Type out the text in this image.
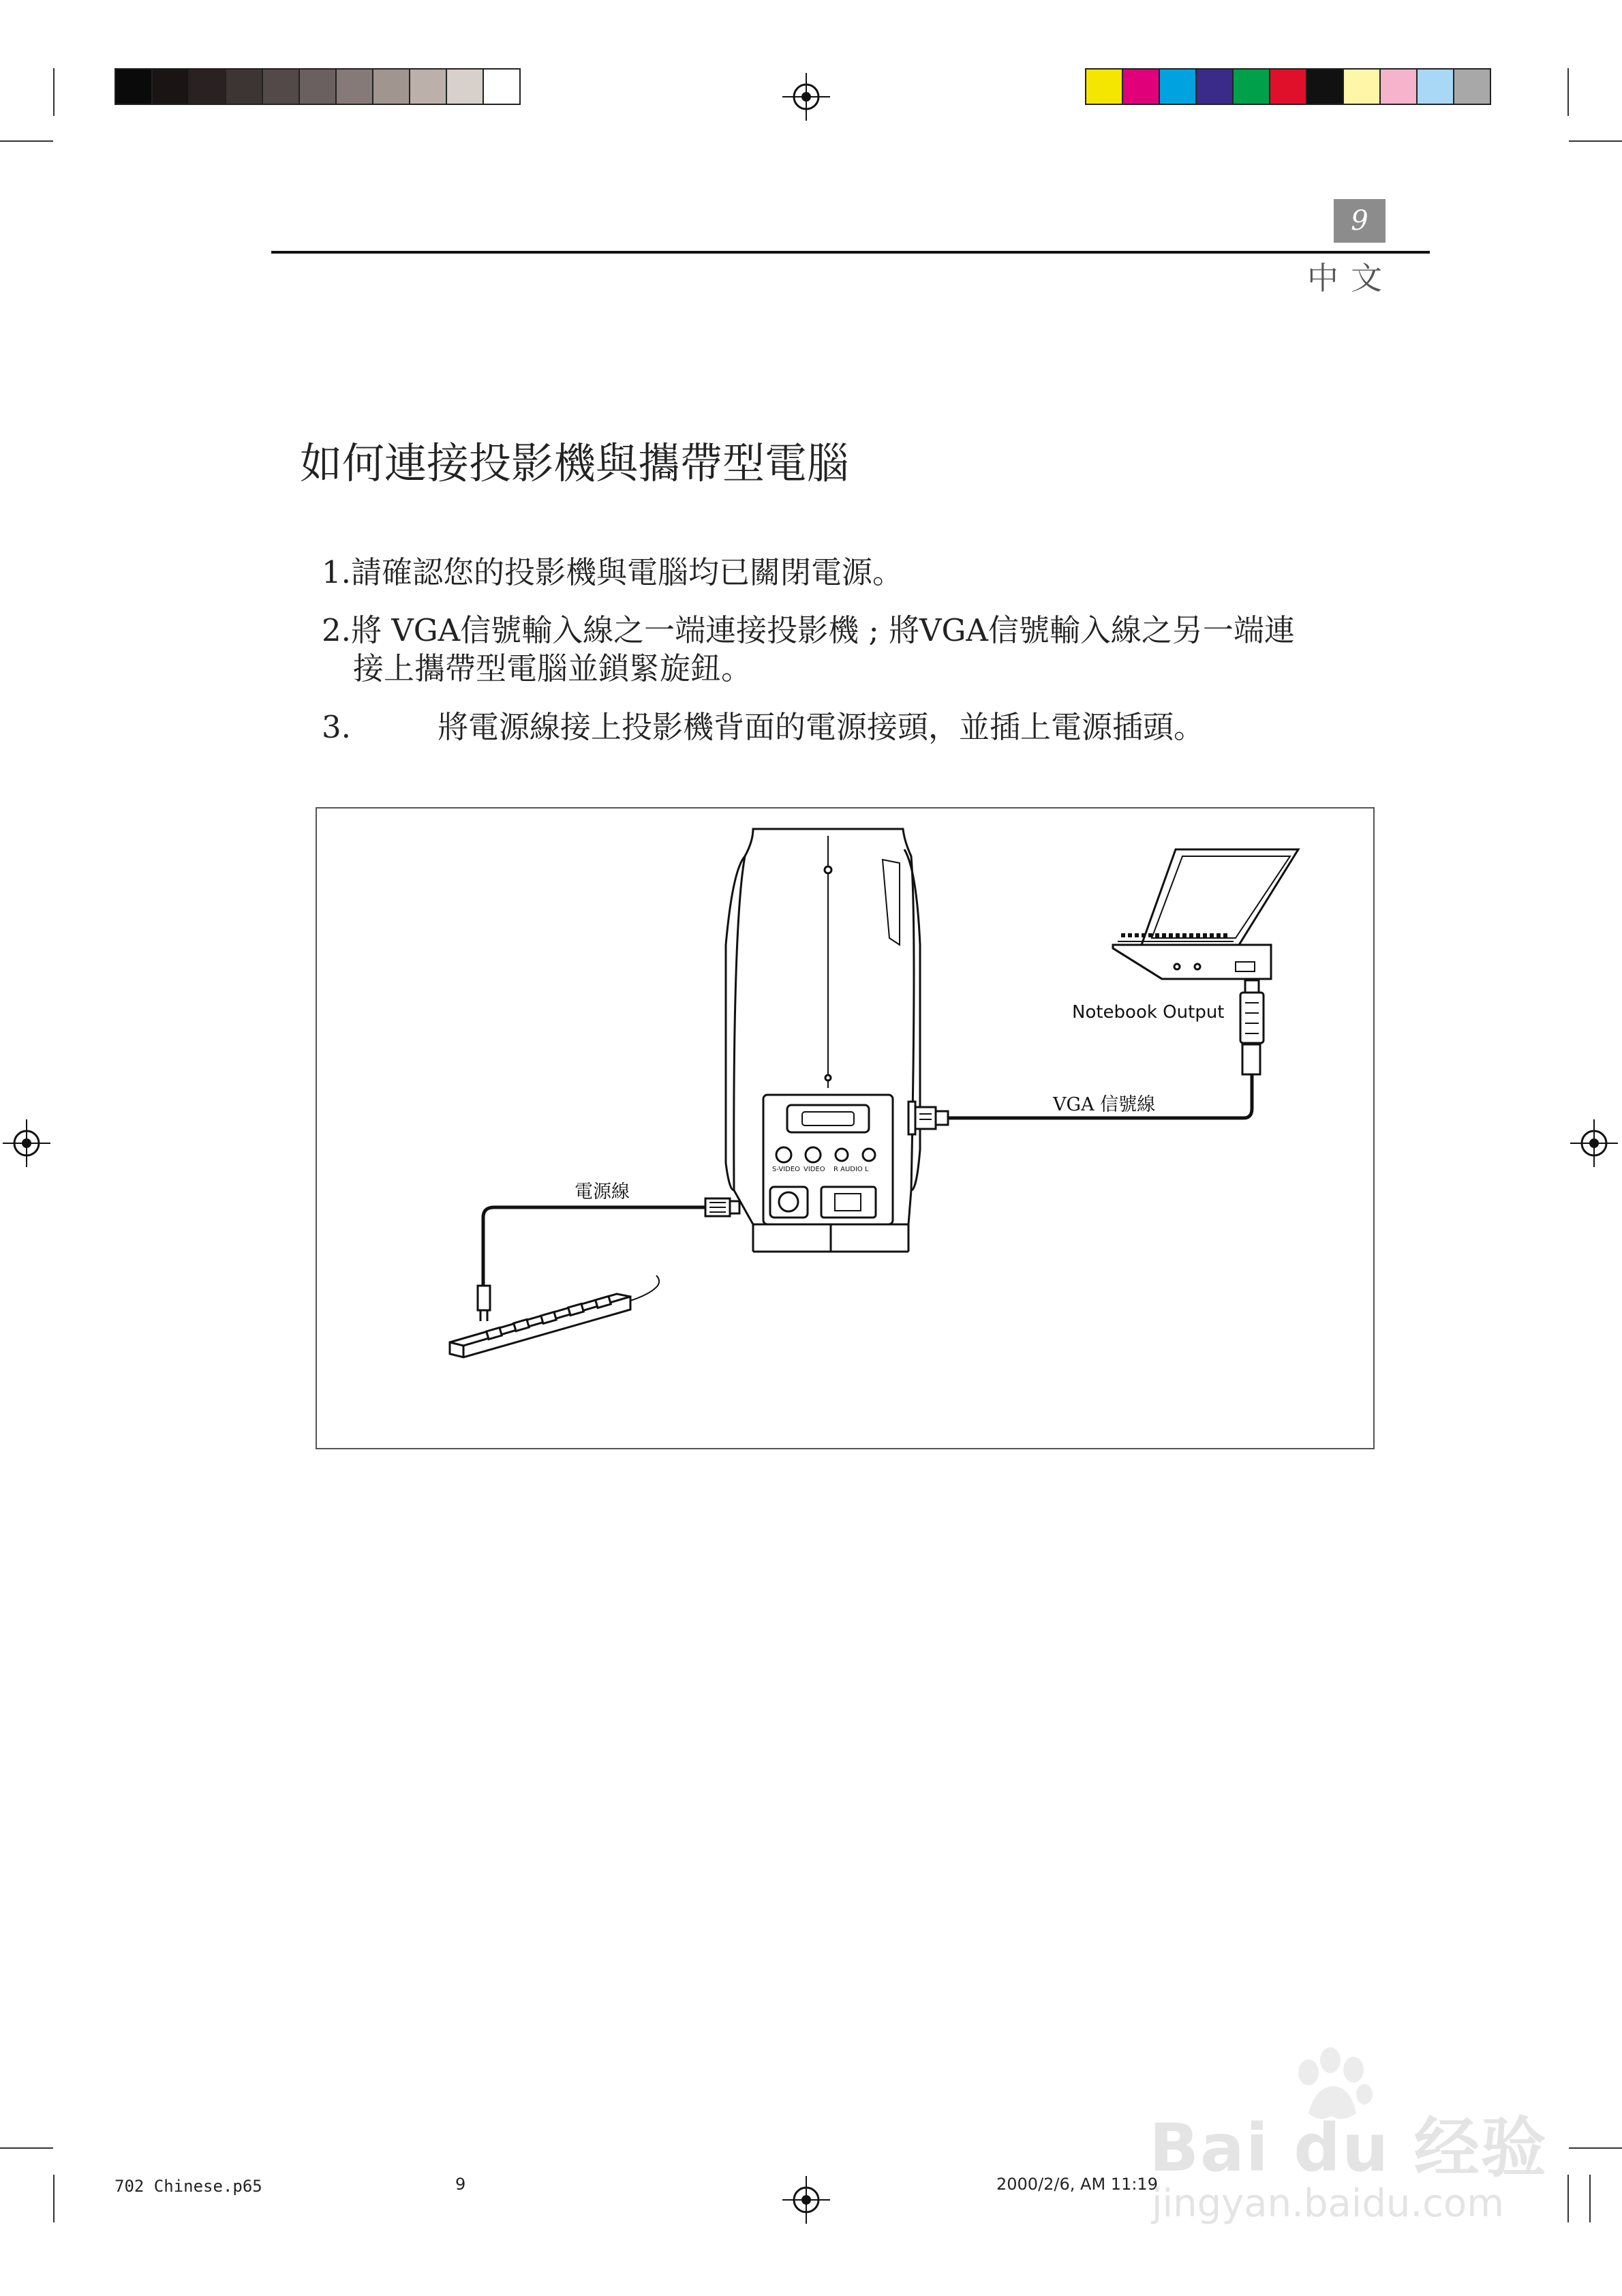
9
中文
如何連接投影機與攜帶型電腦
1.請確認您的投影機與電腦均已關閉電源。
2.將 VGA信號輸入線之一端連接投影機 ; 將VGA信號輸入線之另一端連
接上攜帶型電腦並鎖緊旋鈕。
3.	將電源線接上投影機背面的電源接頭，並插上電源插頭。
S-VIDEO VIDEO R AUDIO L
Notebook Output
VGA 信號線
電源線
702 Chinese.p65	9	2000/2/6, AM 11:19
Bai du 经验
jingyan.baidu.com
